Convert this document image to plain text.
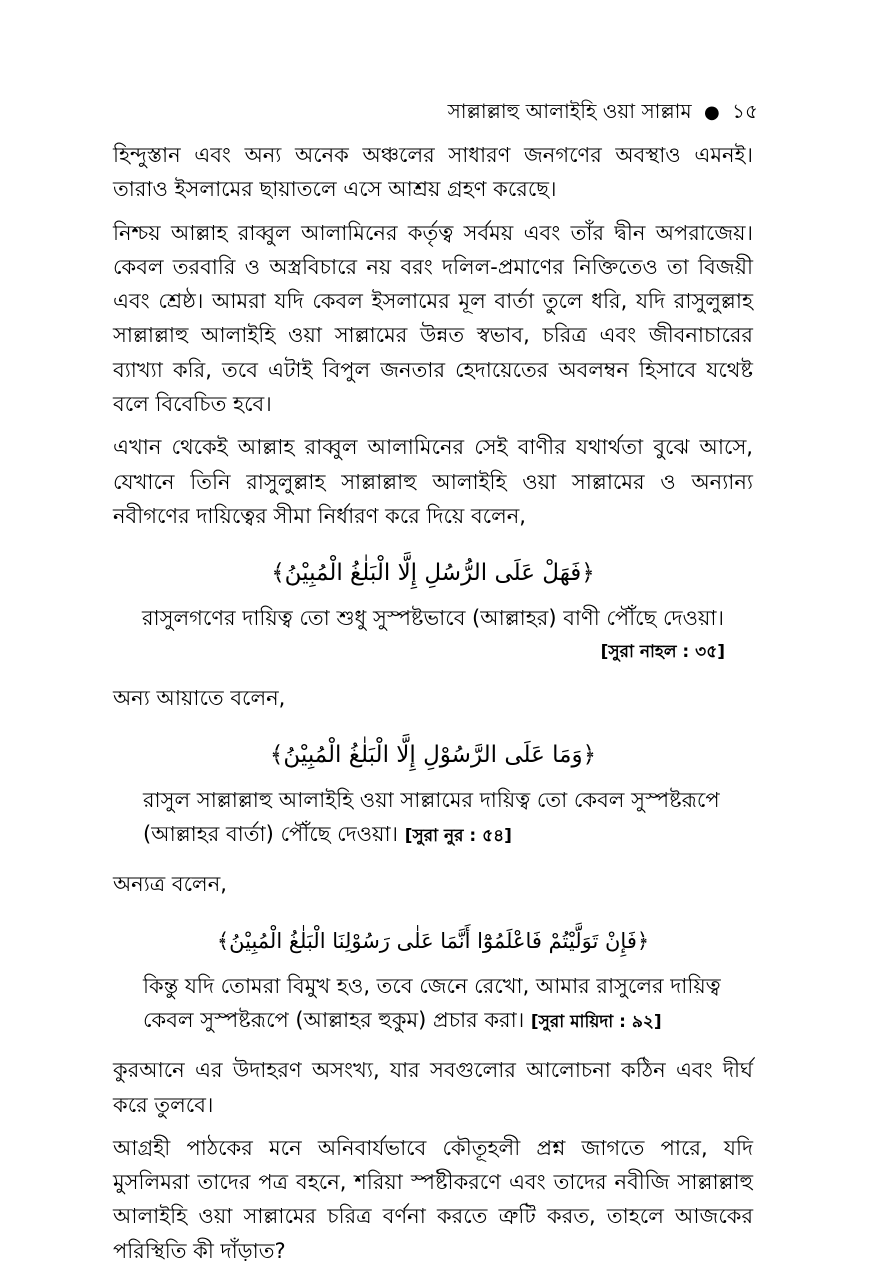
সাল্লাল্লাহু আলাইহি ওয়া সাল্লাম ● ১৫

হিন্দুস্তান এবং অন্য অনেক অঞ্চলের সাধারণ জনগণের অবস্থাও এমনই। তারাও ইসলামের ছায়াতলে এসে আশ্রয় গ্রহণ করেছে।

নিশ্চয় আল্লাহ রাব্বুল আলামিনের কর্তৃত্ব সর্বময় এবং তাঁর দ্বীন অপরাজেয়। কেবল তরবারি ও অস্ত্রবিচারে নয় বরং দলিল-প্রমাণের নিক্তিতেও তা বিজয়ী এবং শ্রেষ্ঠ। আমরা যদি কেবল ইসলামের মূল বার্তা তুলে ধরি, যদি রাসুলুল্লাহ সাল্লাল্লাহু আলাইহি ওয়া সাল্লামের উন্নত স্বভাব, চরিত্র এবং জীবনাচারের ব্যাখ্যা করি, তবে এটাই বিপুল জনতার হেদায়েতের অবলম্বন হিসাবে যথেষ্ট বলে বিবেচিত হবে।

এখান থেকেই আল্লাহ রাব্বুল আলামিনের সেই বাণীর যথার্থতা বুঝে আসে, যেখানে তিনি রাসুলুল্লাহ সাল্লাল্লাহু আলাইহি ওয়া সাল্লামের ও অন্যান্য নবীগণের দায়িত্বের সীমা নির্ধারণ করে দিয়ে বলেন,

﴿فَهَلْ عَلَى الرُّسُلِ إِلَّا الْبَلٰغُ الْمُبِيْنُ﴾

রাসুলগণের দায়িত্ব তো শুধু সুস্পষ্টভাবে (আল্লাহর) বাণী পৌঁছে দেওয়া।

[সুরা নাহল : ৩৫]

অন্য আয়াতে বলেন,

﴿وَمَا عَلَى الرَّسُوْلِ إِلَّا الْبَلٰغُ الْمُبِيْنُ﴾

রাসুল সাল্লাল্লাহু আলাইহি ওয়া সাল্লামের দায়িত্ব তো কেবল সুস্পষ্টরূপে

(আল্লাহর বার্তা) পৌঁছে দেওয়া। [সুরা নুর : ৫৪]

অন্যত্র বলেন,

﴿فَإِنْ تَوَلَّيْتُمْ فَاعْلَمُوْٓا أَنَّمَا عَلٰى رَسُوْلِنَا الْبَلٰغُ الْمُبِيْنُ﴾

কিন্তু যদি তোমরা বিমুখ হও, তবে জেনে রেখো, আমার রাসুলের দায়িত্ব

কেবল সুস্পষ্টরূপে (আল্লাহর হুকুম) প্রচার করা। [সুরা মায়িদা : ৯২]

কুরআনে এর উদাহরণ অসংখ্য, যার সবগুলোর আলোচনা কঠিন এবং দীর্ঘ করে তুলবে।

আগ্রহী পাঠকের মনে অনিবার্যভাবে কৌতূহলী প্রশ্ন জাগতে পারে, যদি মুসলিমরা তাদের পত্র বহনে, শরিয়া স্পষ্টীকরণে এবং তাদের নবীজি সাল্লাল্লাহু আলাইহি ওয়া সাল্লামের চরিত্র বর্ণনা করতে ত্রুটি করত, তাহলে আজকের পরিস্থিতি কী দাঁড়াত?
